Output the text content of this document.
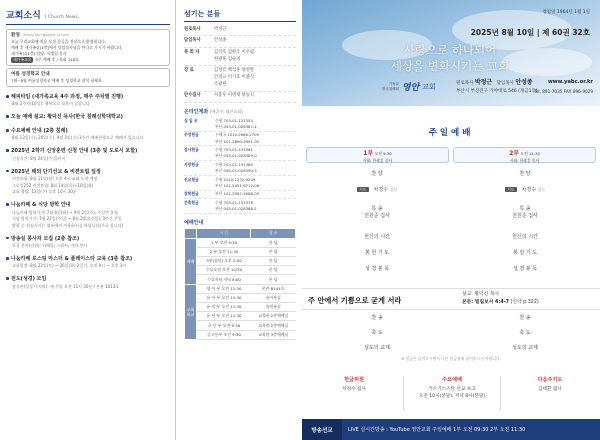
교회소식 | Church News
환영 Young-ahn Baptist Church
오늘 우리교회에 처음 오신 분들을 진심으로 환영합니다.
예배 후 새가족실(1층)에서 담임목사님을 만나고 가시기 바랍니다.
새가족실(1층) 담당: 서병일 목사
새가족교육 3주 예배 후 / 목회 118호
여름 성경학교 안내
7월~8월 여름성경학교 예배 후 성경학교 참석 하세요
헤피타임 (새가족교육 4주 과정, 매주 주차별 진행)
8월 2주차(10일): 행복으로 교육이 있습니다
오늘 예배 설교: 황덕신 목사(한국 침례신학대학교)
수요예배 안내 (2층 침례)
8월 13일(수), 20일(수), 9월 3일(수) 3주간 예배진행으로 예배가 있습니다
2025년 2학기 신앙훈련 신청 안내 (3층 및 도로시 포함)
신청기간: 8월 24일(주일)까지
2025년 해외 단기선교 & 비젼트립 일정
비전트립: 8월 11일(월) 오후 4시 교회 도착 예정
그로잉252 비전트립: 8월 14일(목)~18일(화)
교회 출발: 13일(수) 오후 10시 30분
나눔카페 & 식당 방학 안내
나눔카페 방학기간: 7월 6일(화) ~ 9월 2일(주), 주일만 운영
식당 방학기간: 7월 27일(주일) ~ 8월 24일(주일), 3주간 주일
방학 중 점심식사는 외부에서 이용하시길 바랍니다(무료 합니다)
방송실 봉사자 모집 (2층 참조)
모집 분야(인원): 카메라, 스위처, 자막 봉사
나눔카페 로스팅 마스터 & 플레이스타 교육 (3층 참조)
교육일정: 8월 23일(토) ~ 26일(화) 2일간, 오전 9시 ~ 오후 3시
전도(성경) 모임
참석관(성경 마지막): 매 주일 오전 11시 30분 / 본관 1013호
섬기는 분들
원로목사	박정근
담임목사	안성종
목 회 자	김석호 김한조 이우림
한광훈 김순영
장 로	김정길 백석홍 양영완
안경규 이기호 이종석
조광현
안수집사	서용우 이병재 하동식
온라인계좌 (예금주: 영안교회)
십 일 조	수협 703-01-131354
부산 043-01-028387-4
주정헌금	우체국 1010-2666-2709
부산 101-2890-2991-05
감사헌금	수협 703-01-131361
부산 043-01-028389-0
사랑헌금	수협 703-01-131385
부산 043-01-028390-3
선교헌금	수협 1010-1232-9249
부산 101-2051-6717-06
장학헌금	부산 101-2067-9588-05
건축헌금	수협 703-01-131378
부산 043-01-028388-2
예배안내
	시 간	장 소
예배	1 부 오전 9:30	본 당
	2 부 오전 11:30	본 당
	3부(청년) 오후 2:00	본 당
	수요오전 오전 10:30	본 당
	수요저녁 저녁 8:00	본 당
교회학교	영 아 부 오전 11:30	본관 B104호
	유 아 부 오전 11:30	유아부실
	유 치 부 오전 11:30	유치부실
	유 년 부 오전 11:30	교육관 2층예배실
	초 등 부 오전 9:30	교육관 2층예배실
	중고등부 오전 9:30	교육관 3층예배실
창립일 1964년 1월 1일
2025년 8월 10일 | 제 60권 32호
사랑으로 하나되어
세상을 변화시키는 교회
기독교
한국침례회 영안 교회	원로목사 박정근 담임목사 안성종
부산시 부산진구 가야대로 546 (개금1동)
www.yabc.or.kr
Tel. 891-7035 FAX 896-9029
주일예배
1부 오전 9:30
사회: 한광훈 목사
2부 오전 11:30
사회: 한광훈 목사
찬 양
기도 차경수 집사
특 송
전원준 집사
헌신의 시간
봉 헌 기 도
성 경 봉 독
찬 양
기도 차경수 집사
특 송
전원준 집사
헌신의 시간
봉 헌 기 도
성 경 봉 독
주 안에서 기쁨으로 굳게 서라
설교: 황덕신 목사
본문: 빌립보서 4:4-7 (신약 p.322)
찬 송
축 도
성도의 교제
찬 송
축 도
성도의 교제
※ 헌금은 들어오시면서 다른 헌금함에 넣어주시기 바랍니다.
헌금위원
차경수 집사
수요예배
키르기스스탄 선교 보고
오전 10시(본당), 저녁 8시(본당)
다음주기도
김태환 집사
방송선교	LIVE 실시간방송 : YouTube 영안교회 주일예배 1부 오전 09:30 2부 오전 11:30
